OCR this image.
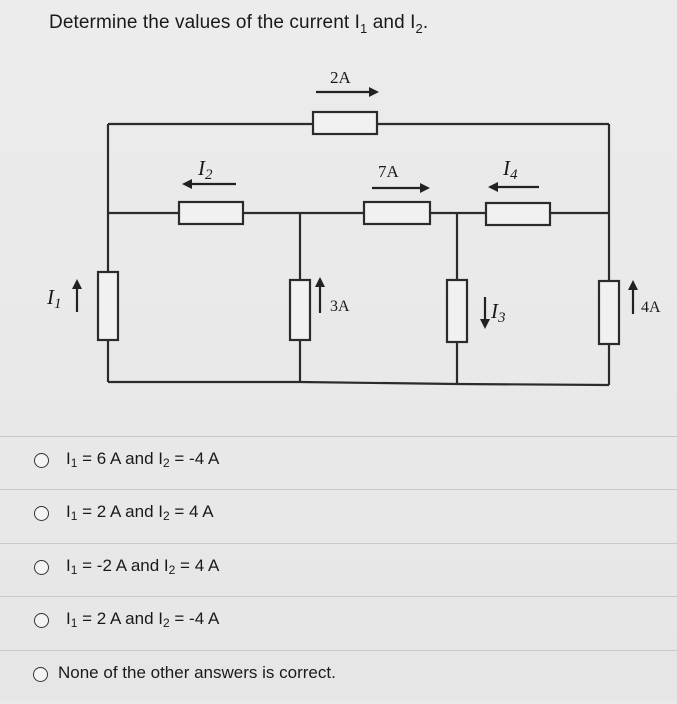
Determine the values of the current $I_1$ and $I_2$.
2A
7A
3A	4A
I2	I4
I1	I3
$I_1 = 6$ A and $I_2 = -4$ A
$I_1 = 2$ A and $I_2 = 4$ A
$I_1 = -2$ A and $I_2 = 4$ A
$I_1 = 2$ A and $I_2 = -4$ A
None of the other answers is correct.
